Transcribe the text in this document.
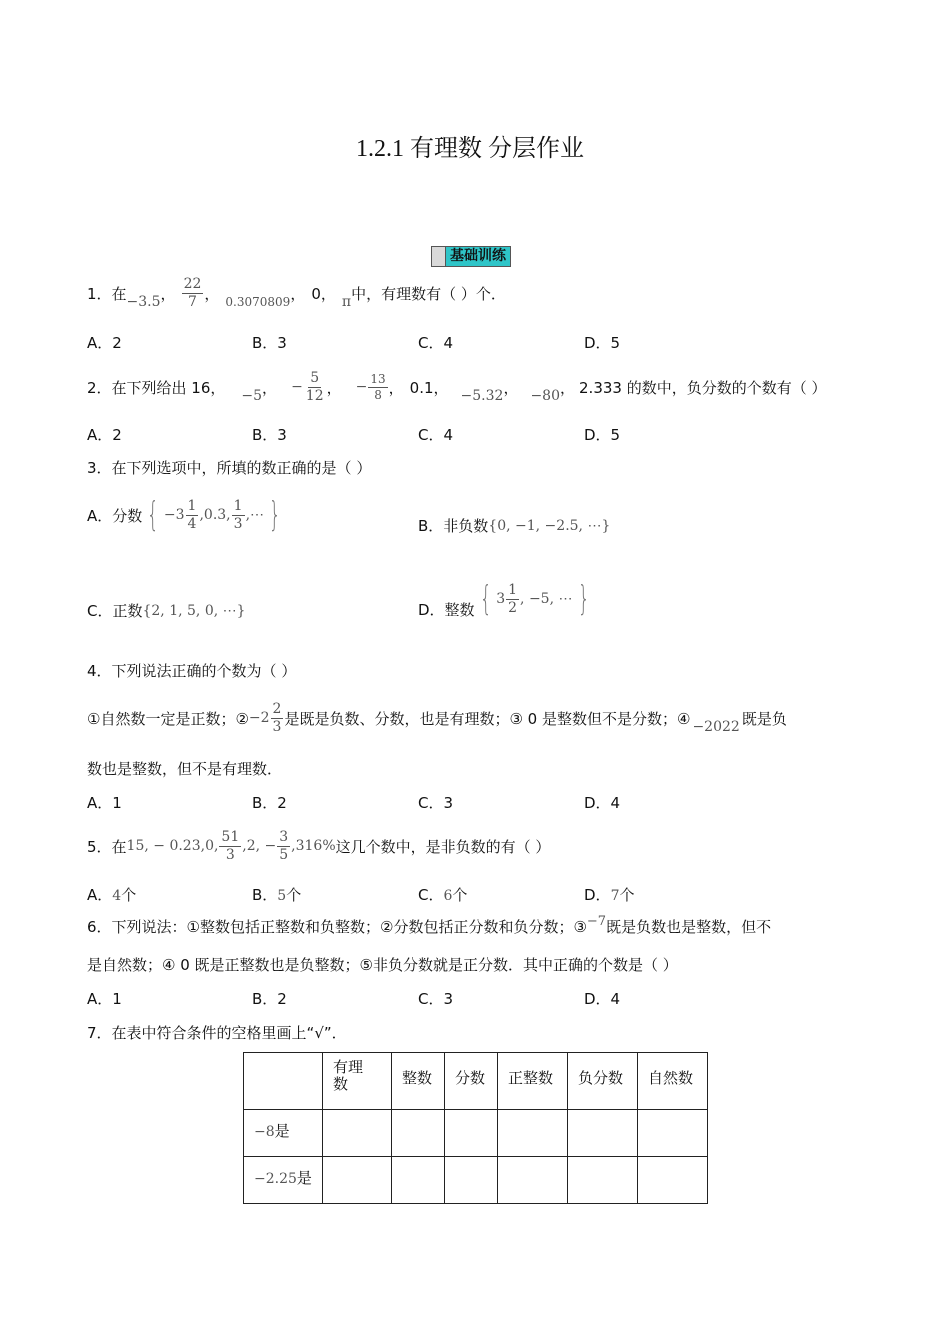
1.2.1 有理数 分层作业
基础训练
1．在 −3.5 ， $\frac{22}{7}$ ， 0.3070809 ， 0， π 中，有理数有（ ）个．
A．2	B．3	C．4	D．5
2．在下列给出 16， −5 ， − $\frac{5}{12}$ ， − $\frac{13}{8}$ ， 0.1， −5.32 ， −80 ， 2.333 的数中，负分数的个数有（ ）
A．2	B．3	C．4	D．5
3．在下列选项中，所填的数正确的是（ ）
A．分数 { $-3 \frac{1}{4} ,0.3$, $\frac{1}{3}$ ,⋯ }	B．非负数 {0, −1, −2.5, ⋯}
C．正数 {2, 1, 5, 0, ⋯}	D．整数 { $3 \frac{1}{2}$ , −5, ⋯ }
4．下列说法正确的个数为（ ）
①自然数一定是正数；② $-2 \frac{2}{3}$ 是既是负数、分数，也是有理数；③ 0 是整数但不是分数；④ −2022 既是负
数也是整数，但不是有理数．
A．1	B．2	C．3	D．4
5．在 15, − 0.23,0, $\frac{51}{3} ,2$, − $\frac{3}{5} ,316\%$ 这几个数中，是非负数的有（ ）
A．4个	B．5个	C．6个	D．7个
6．下列说法：①整数包括正整数和负整数；②分数包括正分数和负分数；③ −7 既是负数也是整数，但不
是自然数；④ 0 既是正整数也是负整数；⑤非负分数就是正分数．其中正确的个数是（ ）
A．1	B．2	C．3	D．4
7．在表中符合条件的空格里画上“√”．

	有理数	整数	分数	正整数	负分数	自然数

−8是						

−2.25是						
